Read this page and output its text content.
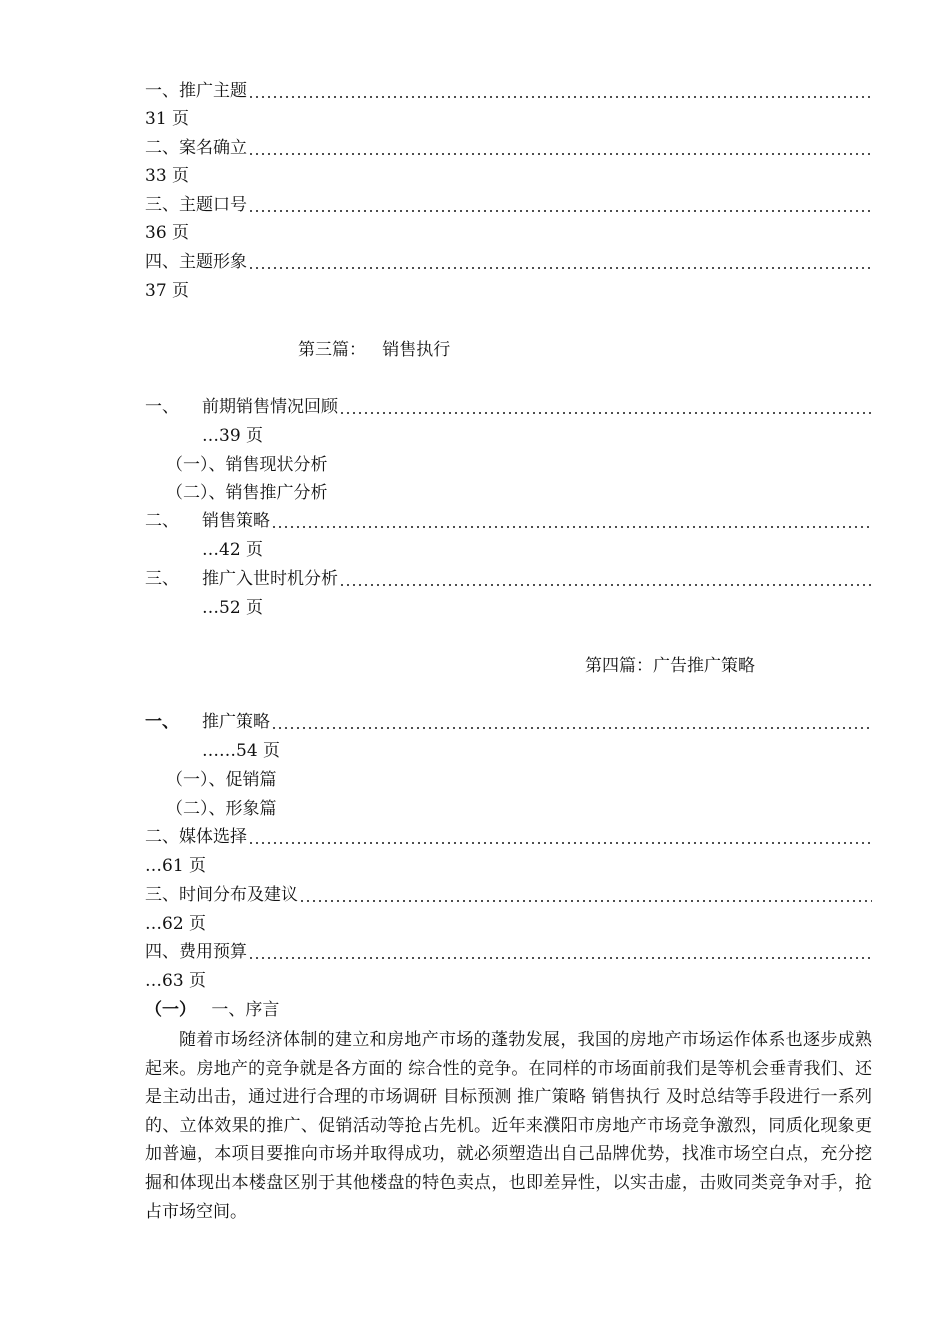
一、推广主题
31 页
二、案名确立
33 页
三、主题口号
36 页
四、主题形象
37 页
第三篇：   销售执行
一、 前期销售情况回顾
…39 页
（一）、销售现状分析
（二）、销售推广分析
二、 销售策略
…42 页
三、 推广入世时机分析
…52 页
第四篇：广告推广策略
一、 推广策略
……54 页
（一）、促销篇
（二）、形象篇
二、媒体选择
…61 页
三、时间分布及建议
…62 页
四、费用预算
…63 页
（一） 一、序言

随着市场经济体制的建立和房地产市场的蓬勃发展，我国的房地产市场运作体系也逐步成熟起来。房地产的竞争就是各方面的 综合性的竞争。在同样的市场面前我们是等机会垂青我们、还是主动出击，通过进行合理的市场调研 目标预测 推广策略 销售执行 及时总结等手段进行一系列的、立体效果的推广、促销活动等抢占先机。近年来濮阳市房地产市场竞争激烈，同质化现象更加普遍，本项目要推向市场并取得成功，就必须塑造出自己品牌优势，找准市场空白点，充分挖掘和体现出本楼盘区别于其他楼盘的特色卖点，也即差异性，以实击虚，击败同类竞争对手，抢占市场空间。
